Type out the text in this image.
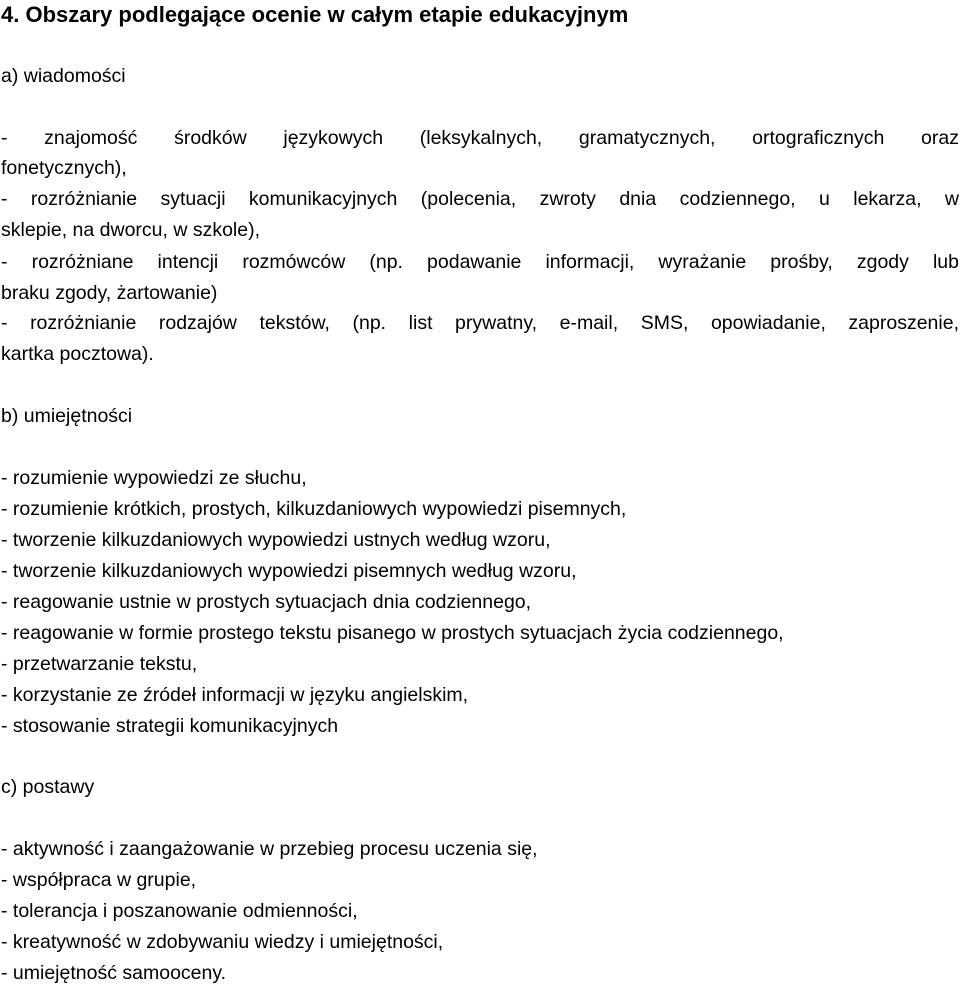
4. Obszary podlegające ocenie w całym etapie edukacyjnym

a) wiadomości

- znajomość środków językowych (leksykalnych, gramatycznych, ortograficznych oraz

fonetycznych),

- rozróżnianie sytuacji komunikacyjnych (polecenia, zwroty dnia codziennego, u lekarza, w

sklepie, na dworcu, w szkole),

- rozróżniane intencji rozmówców (np. podawanie informacji, wyrażanie prośby, zgody lub

braku zgody, żartowanie)

- rozróżnianie rodzajów tekstów, (np. list prywatny, e-mail, SMS, opowiadanie, zaproszenie,

kartka pocztowa).

b) umiejętności

- rozumienie wypowiedzi ze słuchu,

- rozumienie krótkich, prostych, kilkuzdaniowych wypowiedzi pisemnych,

- tworzenie kilkuzdaniowych wypowiedzi ustnych według wzoru,

- tworzenie kilkuzdaniowych wypowiedzi pisemnych według wzoru,

- reagowanie ustnie w prostych sytuacjach dnia codziennego,

- reagowanie w formie prostego tekstu pisanego w prostych sytuacjach życia codziennego,

- przetwarzanie tekstu,

- korzystanie ze źródeł informacji w języku angielskim,

- stosowanie strategii komunikacyjnych

c) postawy

- aktywność i zaangażowanie w przebieg procesu uczenia się,

- współpraca w grupie,

- tolerancja i poszanowanie odmienności,

- kreatywność w zdobywaniu wiedzy i umiejętności,

- umiejętność samooceny.
